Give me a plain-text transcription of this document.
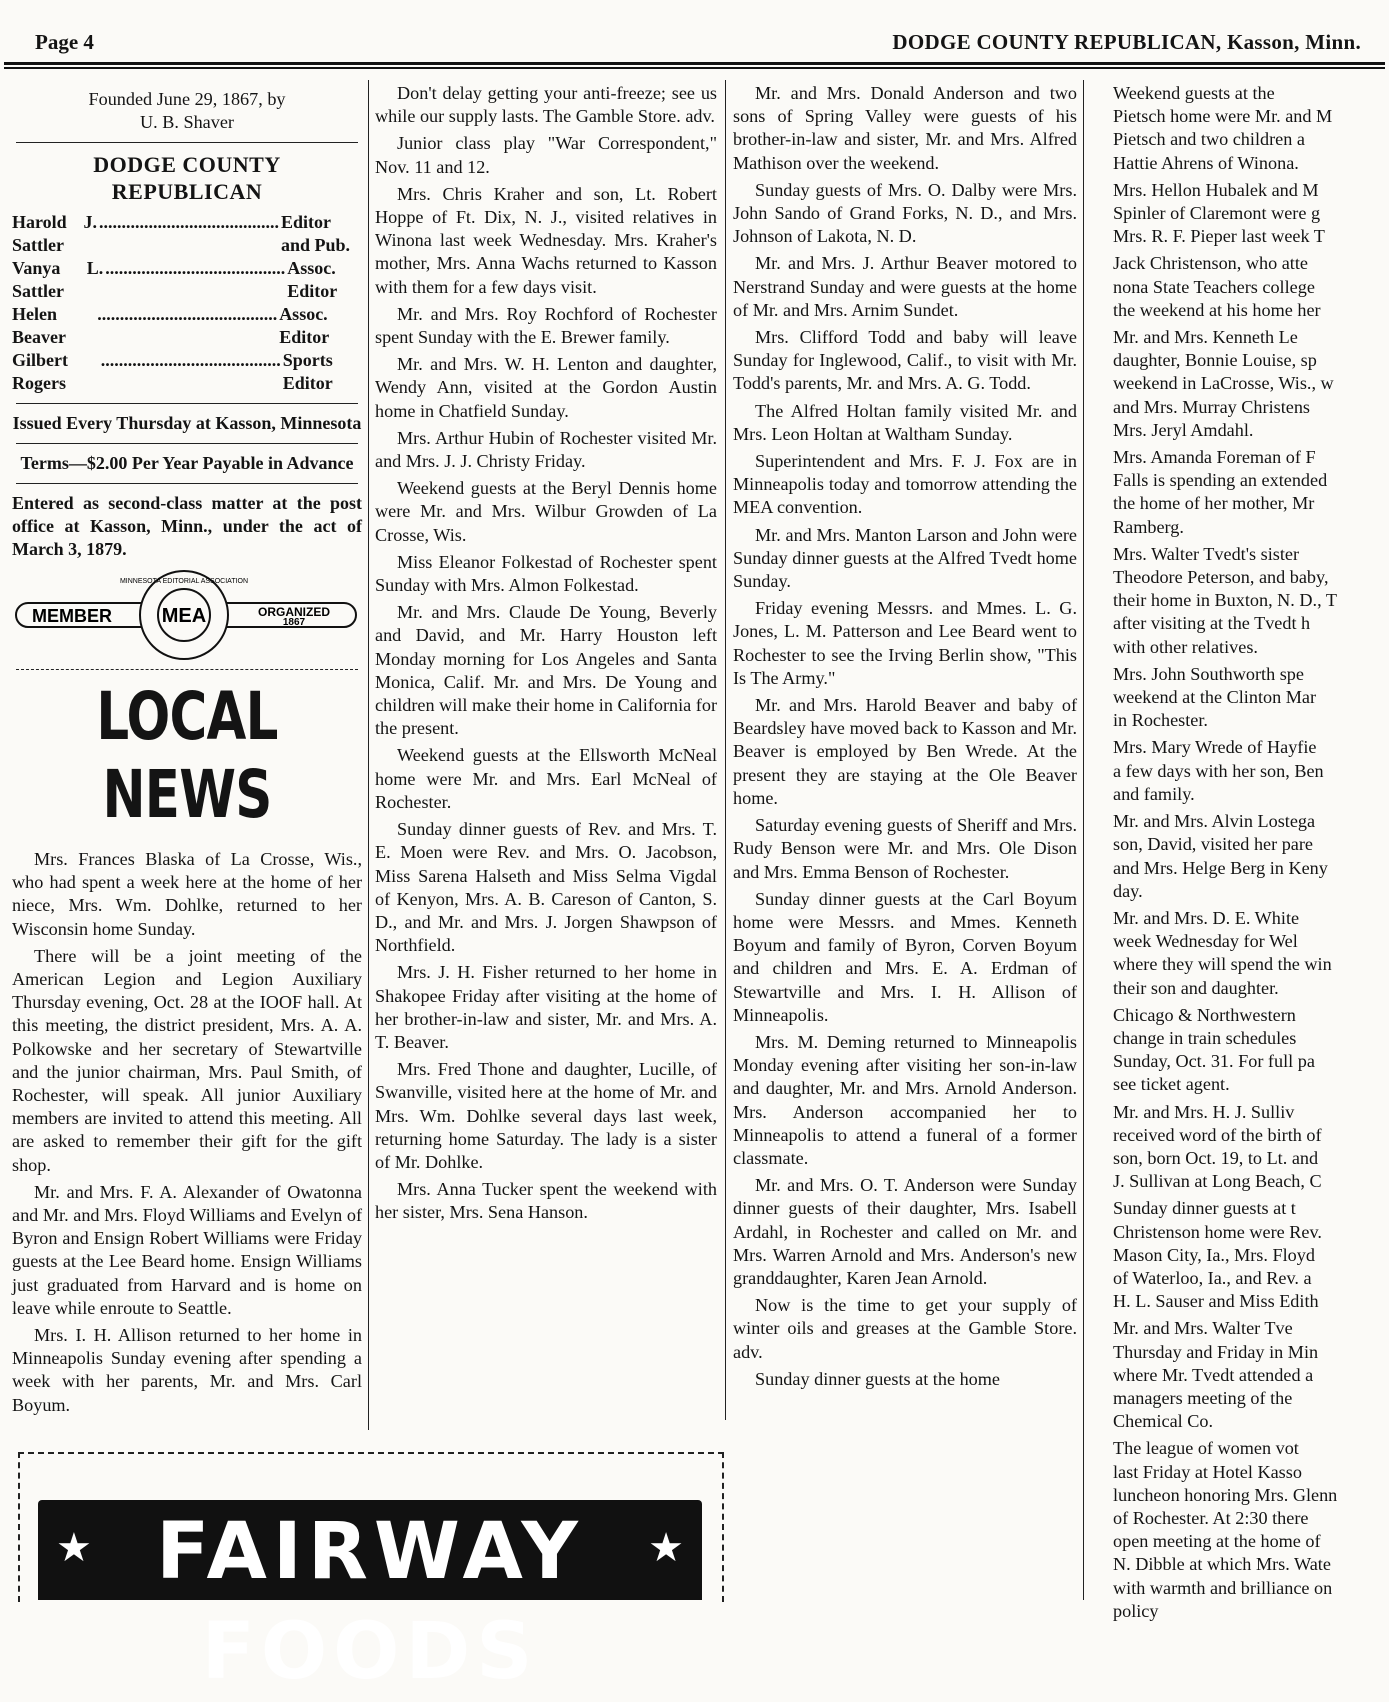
Page 4	DODGE COUNTY REPUBLICAN, Kasson, Minn.
Founded June 29, 1867, by
U. B. Shaver
DODGE COUNTY
REPUBLICAN
Harold J. Sattler
........................................ Editor and Pub.
Vanya L. Sattler
........................................ Assoc. Editor
Helen Beaver
........................................ Assoc. Editor
Gilbert Rogers
........................................ Sports Editor
Issued Every Thursday at Kasson, Minnesota
Terms—$2.00 Per Year Payable in Advance
Entered as second-class matter at the post office at Kasson, Minn., under the act of March 3, 1879.
MEA
MEMBER	ORGANIZED
1867
MINNESOTA EDITORIAL ASSOCIATION
LOCAL NEWS

Mrs. Frances Blaska of La Crosse, Wis., who had spent a week here at the home of her niece, Mrs. Wm. Dohlke, returned to her Wisconsin home Sunday.

There will be a joint meeting of the American Legion and Legion Auxiliary Thursday evening, Oct. 28 at the IOOF hall. At this meeting, the district president, Mrs. A. A. Polkowske and her secretary of Stewartville and the junior chairman, Mrs. Paul Smith, of Rochester, will speak. All junior Auxiliary members are invited to attend this meeting. All are asked to remember their gift for the gift shop.

Mr. and Mrs. F. A. Alexander of Owatonna and Mr. and Mrs. Floyd Williams and Evelyn of Byron and Ensign Robert Williams were Friday guests at the Lee Beard home. Ensign Williams just graduated from Harvard and is home on leave while enroute to Seattle.

Mrs. I. H. Allison returned to her home in Minneapolis Sunday evening after spending a week with her parents, Mr. and Mrs. Carl Boyum.

Don't delay getting your anti-freeze; see us while our supply lasts. The Gamble Store. adv.

Junior class play "War Correspondent," Nov. 11 and 12.

Mrs. Chris Kraher and son, Lt. Robert Hoppe of Ft. Dix, N. J., visited relatives in Winona last week Wednesday. Mrs. Kraher's mother, Mrs. Anna Wachs returned to Kasson with them for a few days visit.

Mr. and Mrs. Roy Rochford of Rochester spent Sunday with the E. Brewer family.

Mr. and Mrs. W. H. Lenton and daughter, Wendy Ann, visited at the Gordon Austin home in Chatfield Sunday.

Mrs. Arthur Hubin of Rochester visited Mr. and Mrs. J. J. Christy Friday.

Weekend guests at the Beryl Dennis home were Mr. and Mrs. Wilbur Growden of La Crosse, Wis.

Miss Eleanor Folkestad of Rochester spent Sunday with Mrs. Almon Folkestad.

Mr. and Mrs. Claude De Young, Beverly and David, and Mr. Harry Houston left Monday morning for Los Angeles and Santa Monica, Calif. Mr. and Mrs. De Young and children will make their home in California for the present.

Weekend guests at the Ellsworth McNeal home were Mr. and Mrs. Earl McNeal of Rochester.

Sunday dinner guests of Rev. and Mrs. T. E. Moen were Rev. and Mrs. O. Jacobson, Miss Sarena Halseth and Miss Selma Vigdal of Kenyon, Mrs. A. B. Careson of Canton, S. D., and Mr. and Mrs. J. Jorgen Shawpson of Northfield.

Mrs. J. H. Fisher returned to her home in Shakopee Friday after visiting at the home of her brother-in-law and sister, Mr. and Mrs. A. T. Beaver.

Mrs. Fred Thone and daughter, Lucille, of Swanville, visited here at the home of Mr. and Mrs. Wm. Dohlke several days last week, returning home Saturday. The lady is a sister of Mr. Dohlke.

Mrs. Anna Tucker spent the weekend with her sister, Mrs. Sena Hanson.

Mr. and Mrs. Donald Anderson and two sons of Spring Valley were guests of his brother-in-law and sister, Mr. and Mrs. Alfred Mathison over the weekend.

Sunday guests of Mrs. O. Dalby were Mrs. John Sando of Grand Forks, N. D., and Mrs. Johnson of Lakota, N. D.

Mr. and Mrs. J. Arthur Beaver motored to Nerstrand Sunday and were guests at the home of Mr. and Mrs. Arnim Sundet.

Mrs. Clifford Todd and baby will leave Sunday for Inglewood, Calif., to visit with Mr. Todd's parents, Mr. and Mrs. A. G. Todd.

The Alfred Holtan family visited Mr. and Mrs. Leon Holtan at Waltham Sunday.

Superintendent and Mrs. F. J. Fox are in Minneapolis today and tomorrow attending the MEA convention.

Mr. and Mrs. Manton Larson and John were Sunday dinner guests at the Alfred Tvedt home Sunday.

Friday evening Messrs. and Mmes. L. G. Jones, L. M. Patterson and Lee Beard went to Rochester to see the Irving Berlin show, "This Is The Army."

Mr. and Mrs. Harold Beaver and baby of Beardsley have moved back to Kasson and Mr. Beaver is employed by Ben Wrede. At the present they are staying at the Ole Beaver home.

Saturday evening guests of Sheriff and Mrs. Rudy Benson were Mr. and Mrs. Ole Dison and Mrs. Emma Benson of Rochester.

Sunday dinner guests at the Carl Boyum home were Messrs. and Mmes. Kenneth Boyum and family of Byron, Corven Boyum and children and Mrs. E. A. Erdman of Stewartville and Mrs. I. H. Allison of Minneapolis.

Mrs. M. Deming returned to Minneapolis Monday evening after visiting her son-in-law and daughter, Mr. and Mrs. Arnold Anderson. Mrs. Anderson accompanied her to Minneapolis to attend a funeral of a former classmate.

Mr. and Mrs. O. T. Anderson were Sunday dinner guests of their daughter, Mrs. Isabell Ardahl, in Rochester and called on Mr. and Mrs. Warren Arnold and Mrs. Anderson's new granddaughter, Karen Jean Arnold.

Now is the time to get your supply of winter oils and greases at the Gamble Store. adv.

Sunday dinner guests at the home

Weekend guests at the
Pietsch home were Mr. and M
Pietsch and two children a
Hattie Ahrens of Winona.

Mrs. Hellon Hubalek and M
Spinler of Claremont were g
Mrs. R. F. Pieper last week T

Jack Christenson, who atte
nona State Teachers college
the weekend at his home her

Mr. and Mrs. Kenneth Le
daughter, Bonnie Louise, sp
weekend in LaCrosse, Wis., w
and Mrs. Murray Christens
Mrs. Jeryl Amdahl.

Mrs. Amanda Foreman of F
Falls is spending an extended
the home of her mother, Mr
Ramberg.

Mrs. Walter Tvedt's sister
Theodore Peterson, and baby,
their home in Buxton, N. D., T
after visiting at the Tvedt h
with other relatives.

Mrs. John Southworth spe
weekend at the Clinton Mar
in Rochester.

Mrs. Mary Wrede of Hayfie
a few days with her son, Ben
and family.

Mr. and Mrs. Alvin Lostega
son, David, visited her pare
and Mrs. Helge Berg in Keny
day.

Mr. and Mrs. D. E. White
week Wednesday for Wel
where they will spend the win
their son and daughter.

Chicago & Northwestern
change in train schedules
Sunday, Oct. 31. For full pa
see ticket agent.

Mr. and Mrs. H. J. Sulliv
received word of the birth of
son, born Oct. 19, to Lt. and
J. Sullivan at Long Beach, C

Sunday dinner guests at t
Christenson home were Rev.
Mason City, Ia., Mrs. Floyd
of Waterloo, Ia., and Rev. a
H. L. Sauser and Miss Edith

Mr. and Mrs. Walter Tve
Thursday and Friday in Min
where Mr. Tvedt attended a
managers meeting of the
Chemical Co.

The league of women vot
last Friday at Hotel Kasso
luncheon honoring Mrs. Glenn
of Rochester. At 2:30 there
open meeting at the home of
N. Dibble at which Mrs. Wate
with warmth and brilliance on
policy

★ FAIRWAY FOODS
★
